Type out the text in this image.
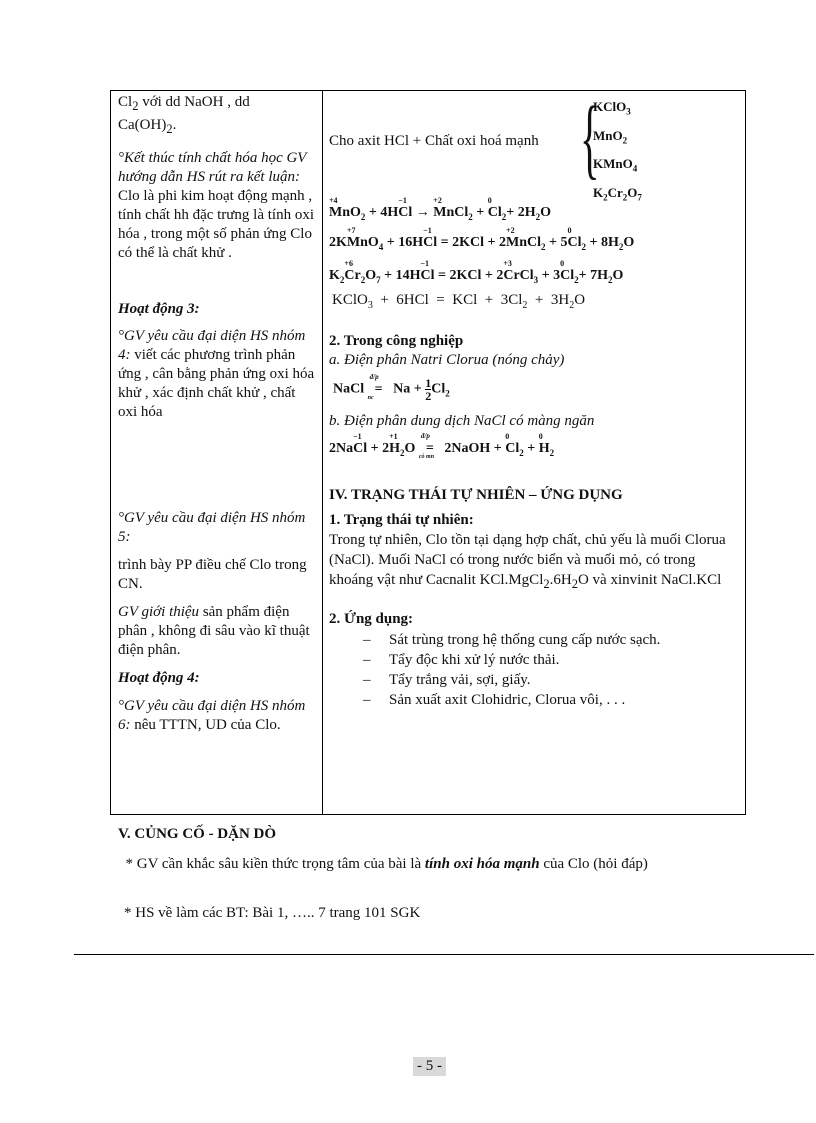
$Cl_2$ với dd NaOH , dd
$Ca(OH)_2$.

°Kết thúc tính chất hóa học GV hướng dẫn HS rút ra kết luận: Clo là phi kim hoạt động mạnh , tính chất hh đặc trưng là tính oxi hóa , trong một số phản ứng Clo có thể là chất khử .

Hoạt động 3:

°GV yêu cầu đại diện HS nhóm 4: viết các phương trình phản ứng , cân bằng phản ứng oxi hóa khử , xác định chất khử , chất oxi hóa

°GV yêu cầu đại diện HS nhóm 5:

trình bày PP điều chế Clo trong CN.

GV giới thiệu sản phẩm điện phân , không đi sâu vào kĩ thuật điện phân.

Hoạt động 4:

°GV yêu cầu đại diện HS nhóm 6: nêu TTTN, UD của Clo.

Cho axit HCl + Chất oxi hoá mạnh {
KClO$_3$
MnO$_2$
KMnO$_4$
$K_2Cr_2O_7$
+4
MnO$_2$ + 4H
−1
Cl →
+2
MnCl$_2$ +
0
$Cl_2+ 2H_2O$
2K
+7
MnO$_4$ + 16H
−1
Cl = 2KCl + 2
+2
MnCl$_2$ + 5
0
$Cl_2 + 8H_2O$
$K_2$
+6
$Cr_2O_7 + 14H$
−1
Cl = 2KCl + 2
+3
CrCl$_3$ + 3
0
$Cl_2+ 7H_2O$
KClO$_3$  +  6HCl  =  KCl  +  $3Cl_2 + 3H_2O$
2. Trong công nghiệp
a. Điện phân Natri Clorua (nóng chảy)
NaCl
đ/p
=
nc
$Na + \frac{1}{2} Cl_2$
b. Điện phân dung dịch NaCl có màng ngăn
2Na
−1
Cl + 2
+1
$H_2O$
đ/p
=
có mn
2NaOH +
0
$Cl_2$ +
0
$H_2$
IV. TRẠNG THÁI TỰ NHIÊN – ỨNG DỤNG
1. Trạng thái tự nhiên:
Trong tự nhiên, Clo tồn tại dạng hợp chất, chủ yếu là muối Clorua (NaCl). Muối NaCl có trong nước biển và muối mỏ, có trong khoáng vật như Cacnalit $KCl.MgCl_2.6H_2O$ và xinvinit NaCl.KCl
2. Ứng dụng:
– Sát trùng trong hệ thống cung cấp nước sạch.
– Tẩy độc khi xử lý nước thải.
– Tẩy trắng vải, sợi, giấy.
– Sản xuất axit Clohidric, Clorua vôi, . . .
V. CỦNG CỐ - DẶN DÒ
* GV cần khắc sâu kiền thức trọng tâm của bài là tính oxi hóa mạnh của Clo (hỏi đáp)
* HS về làm các BT: Bài 1, ….. 7 trang 101 SGK
- 5 -
